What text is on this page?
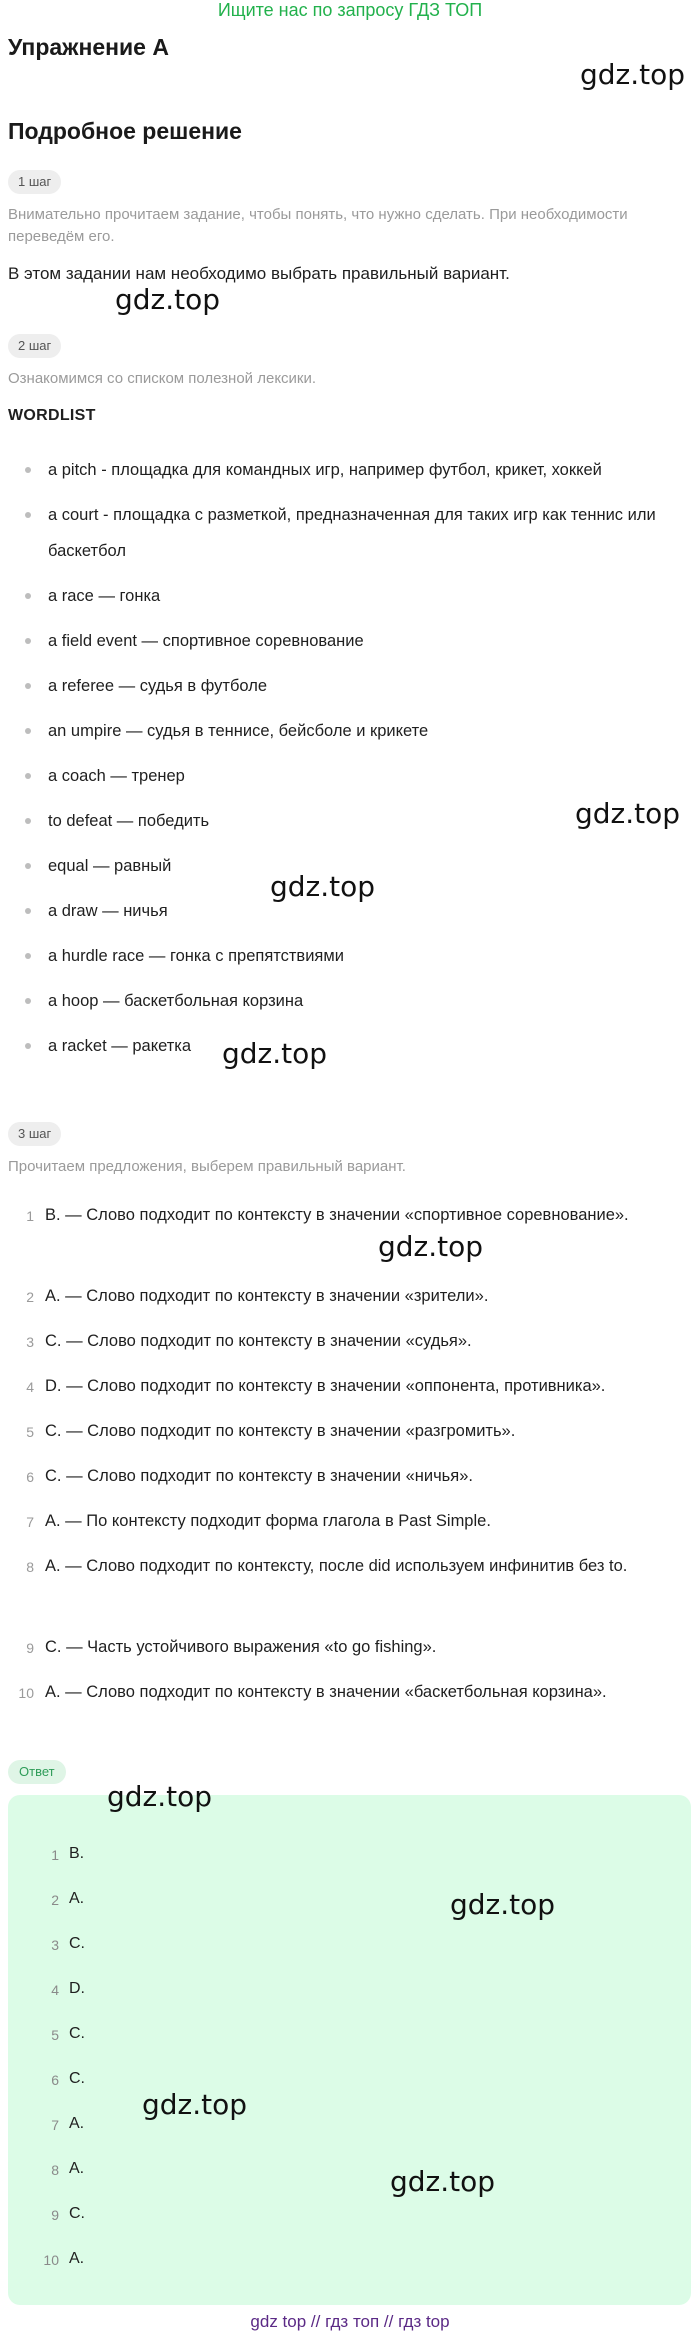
Ищите нас по запросу ГДЗ ТОП
Упражнение A
Подробное решение
gdz.top
gdz.top
gdz.top
gdz.top
gdz.top
gdz.top
1 шаг
Внимательно прочитаем задание, чтобы понять, что нужно сделать. При необходимости переведём его.
В этом задании нам необходимо выбрать правильный вариант.
2 шаг
Ознакомимся со списком полезной лексики.
WORDLIST
a pitch - площадка для командных игр, например футбол, крикет, хоккей
a court - площадка с разметкой, предназначенная для таких игр как теннис или баскетбол
a race — гонка
a field event — спортивное соревнование
a referee — судья в футболе
an umpire — судья в теннисе, бейсболе и крикете
a coach — тренер
to defeat — победить
equal — равный
a draw — ничья
a hurdle race — гонка с препятствиями
a hoop — баскетбольная корзина
a racket — ракетка
3 шаг
Прочитаем предложения, выберем правильный вариант.
1 B. — Слово подходит по контексту в значении «спортивное соревнование».
2 A. — Слово подходит по контексту в значении «зрители».
3 C. — Слово подходит по контексту в значении «судья».
4 D. — Слово подходит по контексту в значении «оппонента, противника».
5 C. — Слово подходит по контексту в значении «разгромить».
6 C. — Слово подходит по контексту в значении «ничья».
7 A. — По контексту подходит форма глагола в Past Simple.
8 A. — Слово подходит по контексту, после did используем инфинитив без to.
9 C. — Часть устойчивого выражения «to go fishing».
10 A. — Слово подходит по контексту в значении «баскетбольная корзина».
Ответ
1 B.
2 A.
3 C.
4 D.
5 C.
6 C.
7 A.
8 A.
9 C.
10 A.
gdz.top
gdz.top
gdz.top
gdz.top
gdz top // гдз топ // гдз top
